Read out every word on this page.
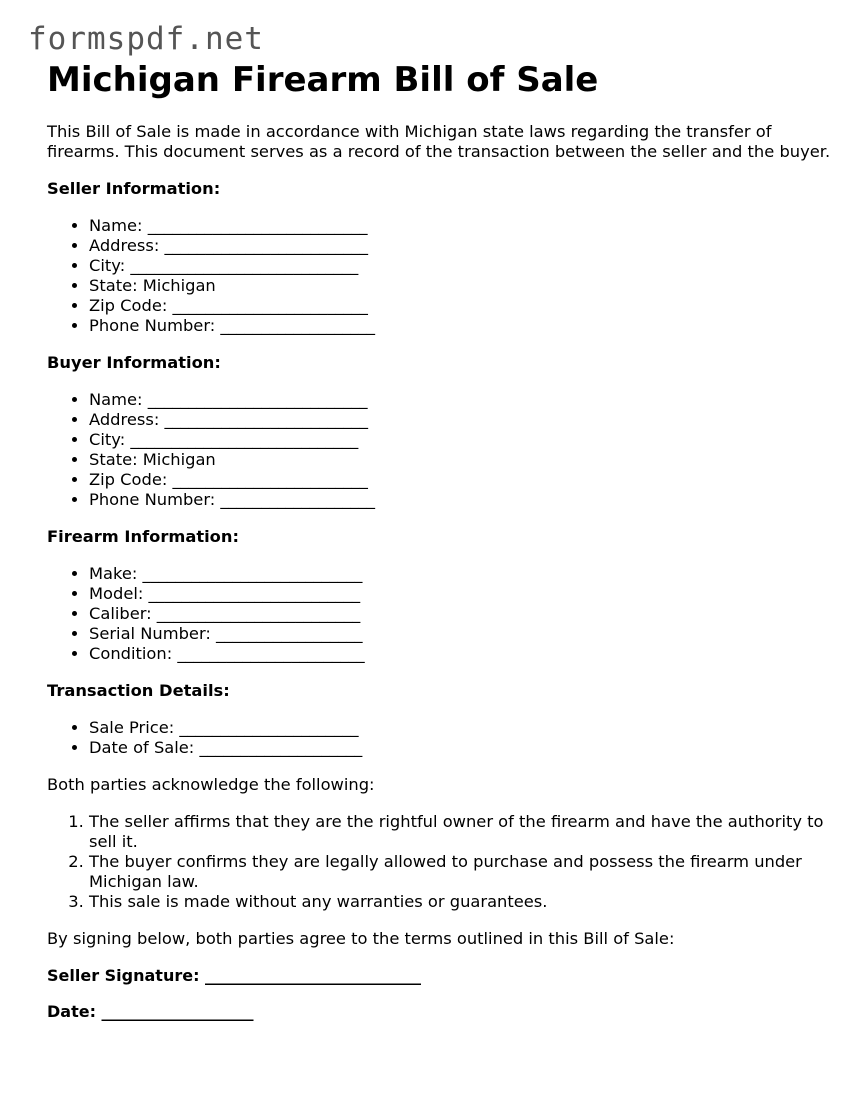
formspdf.net
Michigan Firearm Bill of Sale

This Bill of Sale is made in accordance with Michigan state laws regarding the transfer of firearms. This document serves as a record of the transaction between the seller and the buyer.

Seller Information:
• Name: ___________________________
• Address: _________________________
• City: ____________________________
• State: Michigan
• Zip Code: ________________________
• Phone Number: ___________________
Buyer Information:
• Name: ___________________________
• Address: _________________________
• City: ____________________________
• State: Michigan
• Zip Code: ________________________
• Phone Number: ___________________
Firearm Information:
• Make: ___________________________
• Model: __________________________
• Caliber: _________________________
• Serial Number: __________________
• Condition: _______________________
Transaction Details:
• Sale Price: ______________________
• Date of Sale: ____________________

Both parties acknowledge the following:

1. The seller affirms that they are the rightful owner of the firearm and have the authority to sell it.
2. The buyer confirms they are legally allowed to purchase and possess the firearm under Michigan law.
3. This sale is made without any warranties or guarantees.

By signing below, both parties agree to the terms outlined in this Bill of Sale:

Seller Signature: ___________________________
Date: ___________________
